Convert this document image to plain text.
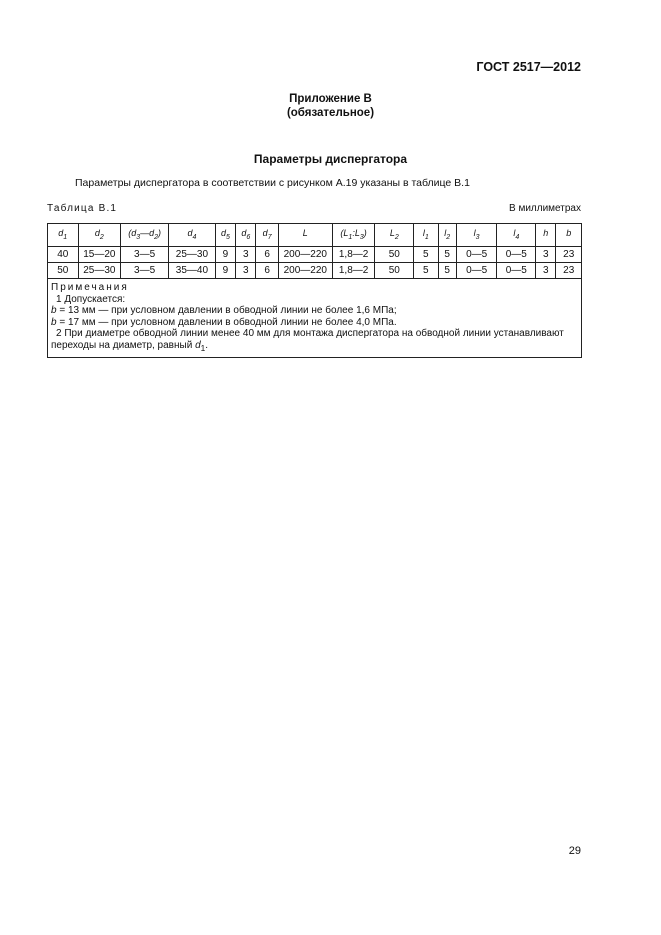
ГОСТ 2517—2012
Приложение В
(обязательное)
Параметры диспергатора
Параметры диспергатора в соответствии с рисунком А.19 указаны в таблице В.1
Таблица В.1	В миллиметрах
$d_1$	$d_2$	$(d_3—d_2)$	$d_4$	$d_5$	$d_6$	$d_7$	L	$(L_1:L_3)$	$L_2$	$l_1$	$l_2$	$l_3$	$l_4$	h	b
40	15—20	3—5	25—30	9	3	6	200—220	1,8—2	50	5	5	0—5	0—5	3	23
50	25—30	3—5	35—40	9	3	6	200—220	1,8—2	50	5	5	0—5	0—5	3	23

Примечания
1 Допускается:
b = 13 мм — при условном давлении в обводной линии не более 1,6 МПа;
b = 17 мм — при условном давлении в обводной линии не более 4,0 МПа.
2 При диаметре обводной линии менее 40 мм для монтажа диспергатора на обводной линии устанавливают переходы на диаметр, равный $d_1$.															
29
